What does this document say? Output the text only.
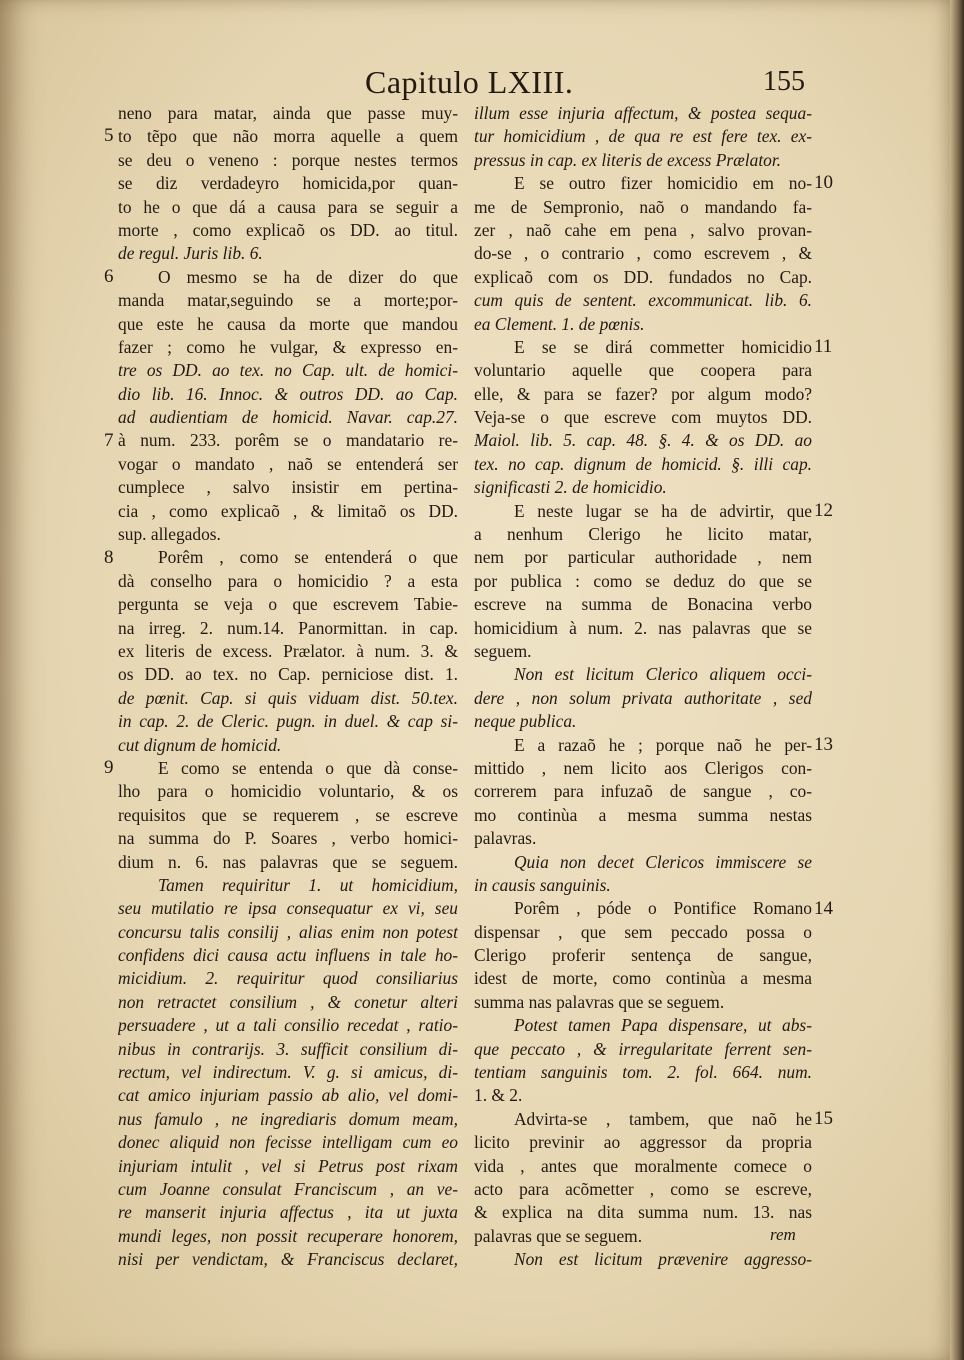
Capitulo LXIII.	155
neno para matar, ainda que passe muy-
to tẽpo que não morra aquelle a quem
se deu o veneno : porque nestes termos
se diz verdadeyro homicida,por quan-
to he o que dá a causa para se seguir a
morte , como explicaõ os DD. ao titul.
de regul. Juris lib. 6.
O mesmo se ha de dizer do que
manda matar,seguindo se a morte;por-
que este he causa da morte que mandou
fazer ; como he vulgar, & expresso en-
tre os DD. ao tex. no Cap. ult. de homici-
dio lib. 16. Innoc. & outros DD. ao Cap.
ad audientiam de homicid. Navar. cap.27.
à num. 233. porêm se o mandatario re-
vogar o mandato , naõ se entenderá ser
cumplece , salvo insistir em pertina-
cia , como explicaõ , & limitaõ os DD.
sup. allegados.
Porêm , como se entenderá o que
dà conselho para o homicidio ? a esta
pergunta se veja o que escrevem Tabie-
na irreg. 2. num.14. Panormittan. in cap.
ex literis de excess. Prælator. à num. 3. &
os DD. ao tex. no Cap. perniciose dist. 1.
de pœnit. Cap. si quis viduam dist. 50.tex.
in cap. 2. de Cleric. pugn. in duel. & cap si-
cut dignum de homicid.
E como se entenda o que dà conse-
lho para o homicidio voluntario, & os
requisitos que se requerem , se escreve
na summa do P. Soares , verbo homici-
dium n. 6. nas palavras que se seguem.
Tamen requiritur 1. ut homicidium,
seu mutilatio re ipsa consequatur ex vi, seu
concursu talis consilij , alias enim non potest
confidens dici causa actu influens in tale ho-
micidium. 2. requiritur quod consiliarius
non retractet consilium , & conetur alteri
persuadere , ut a tali consilio recedat , ratio-
nibus in contrarijs. 3. sufficit consilium di-
rectum, vel indirectum. V. g. si amicus, di-
cat amico injuriam passio ab alio, vel domi-
nus famulo , ne ingrediaris domum meam,
donec aliquid non fecisse intelligam cum eo
injuriam intulit , vel si Petrus post rixam
cum Joanne consulat Franciscum , an ve-
re manserit injuria affectus , ita ut juxta
mundi leges, non possit recuperare honorem,
nisi per vendictam, & Franciscus declaret,
illum esse injuria affectum, & postea sequa-
tur homicidium , de qua re est fere tex. ex-
pressus in cap. ex literis de excess Prælator.
E se outro fizer homicidio em no-
me de Sempronio, naõ o mandando fa-
zer , naõ cahe em pena , salvo provan-
do-se , o contrario , como escrevem , &
explicaõ com os DD. fundados no Cap.
cum quis de sentent. excommunicat. lib. 6.
ea Clement. 1. de pœnis.
E se se dirá commetter homicidio
voluntario aquelle que coopera para
elle, & para se fazer? por algum modo?
Veja-se o que escreve com muytos DD.
Maiol. lib. 5. cap. 48. §. 4. & os DD. ao
tex. no cap. dignum de homicid. §. illi cap.
significasti 2. de homicidio.
E neste lugar se ha de advirtir, que
a nenhum Clerigo he licito matar,
nem por particular authoridade , nem
por publica : como se deduz do que se
escreve na summa de Bonacina verbo
homicidium à num. 2. nas palavras que se
seguem.
Non est licitum Clerico aliquem occi-
dere , non solum privata authoritate , sed
neque publica.
E a razaõ he ; porque naõ he per-
mittido , nem licito aos Clerigos con-
correrem para infuzaõ de sangue , co-
mo continùa a mesma summa nestas
palavras.
Quia non decet Clericos immiscere se
in causis sanguinis.
Porêm , póde o Pontifice Romano
dispensar , que sem peccado possa o
Clerigo proferir sentença de sangue,
idest de morte, como continùa a mesma
summa nas palavras que se seguem.
Potest tamen Papa dispensare, ut abs-
que peccato , & irregularitate ferrent sen-
tentiam sanguinis tom. 2. fol. 664. num.
1. & 2.
Advirta-se , tambem, que naõ he
licito previnir ao aggressor da propria
vida , antes que moralmente comece o
acto para acõmetter , como se escreve,
& explica na dita summa num. 13. nas
palavras que se seguem.
Non est licitum prævenire aggresso-
5
6
7
8
9
10
11
12
13
14
15
rem
